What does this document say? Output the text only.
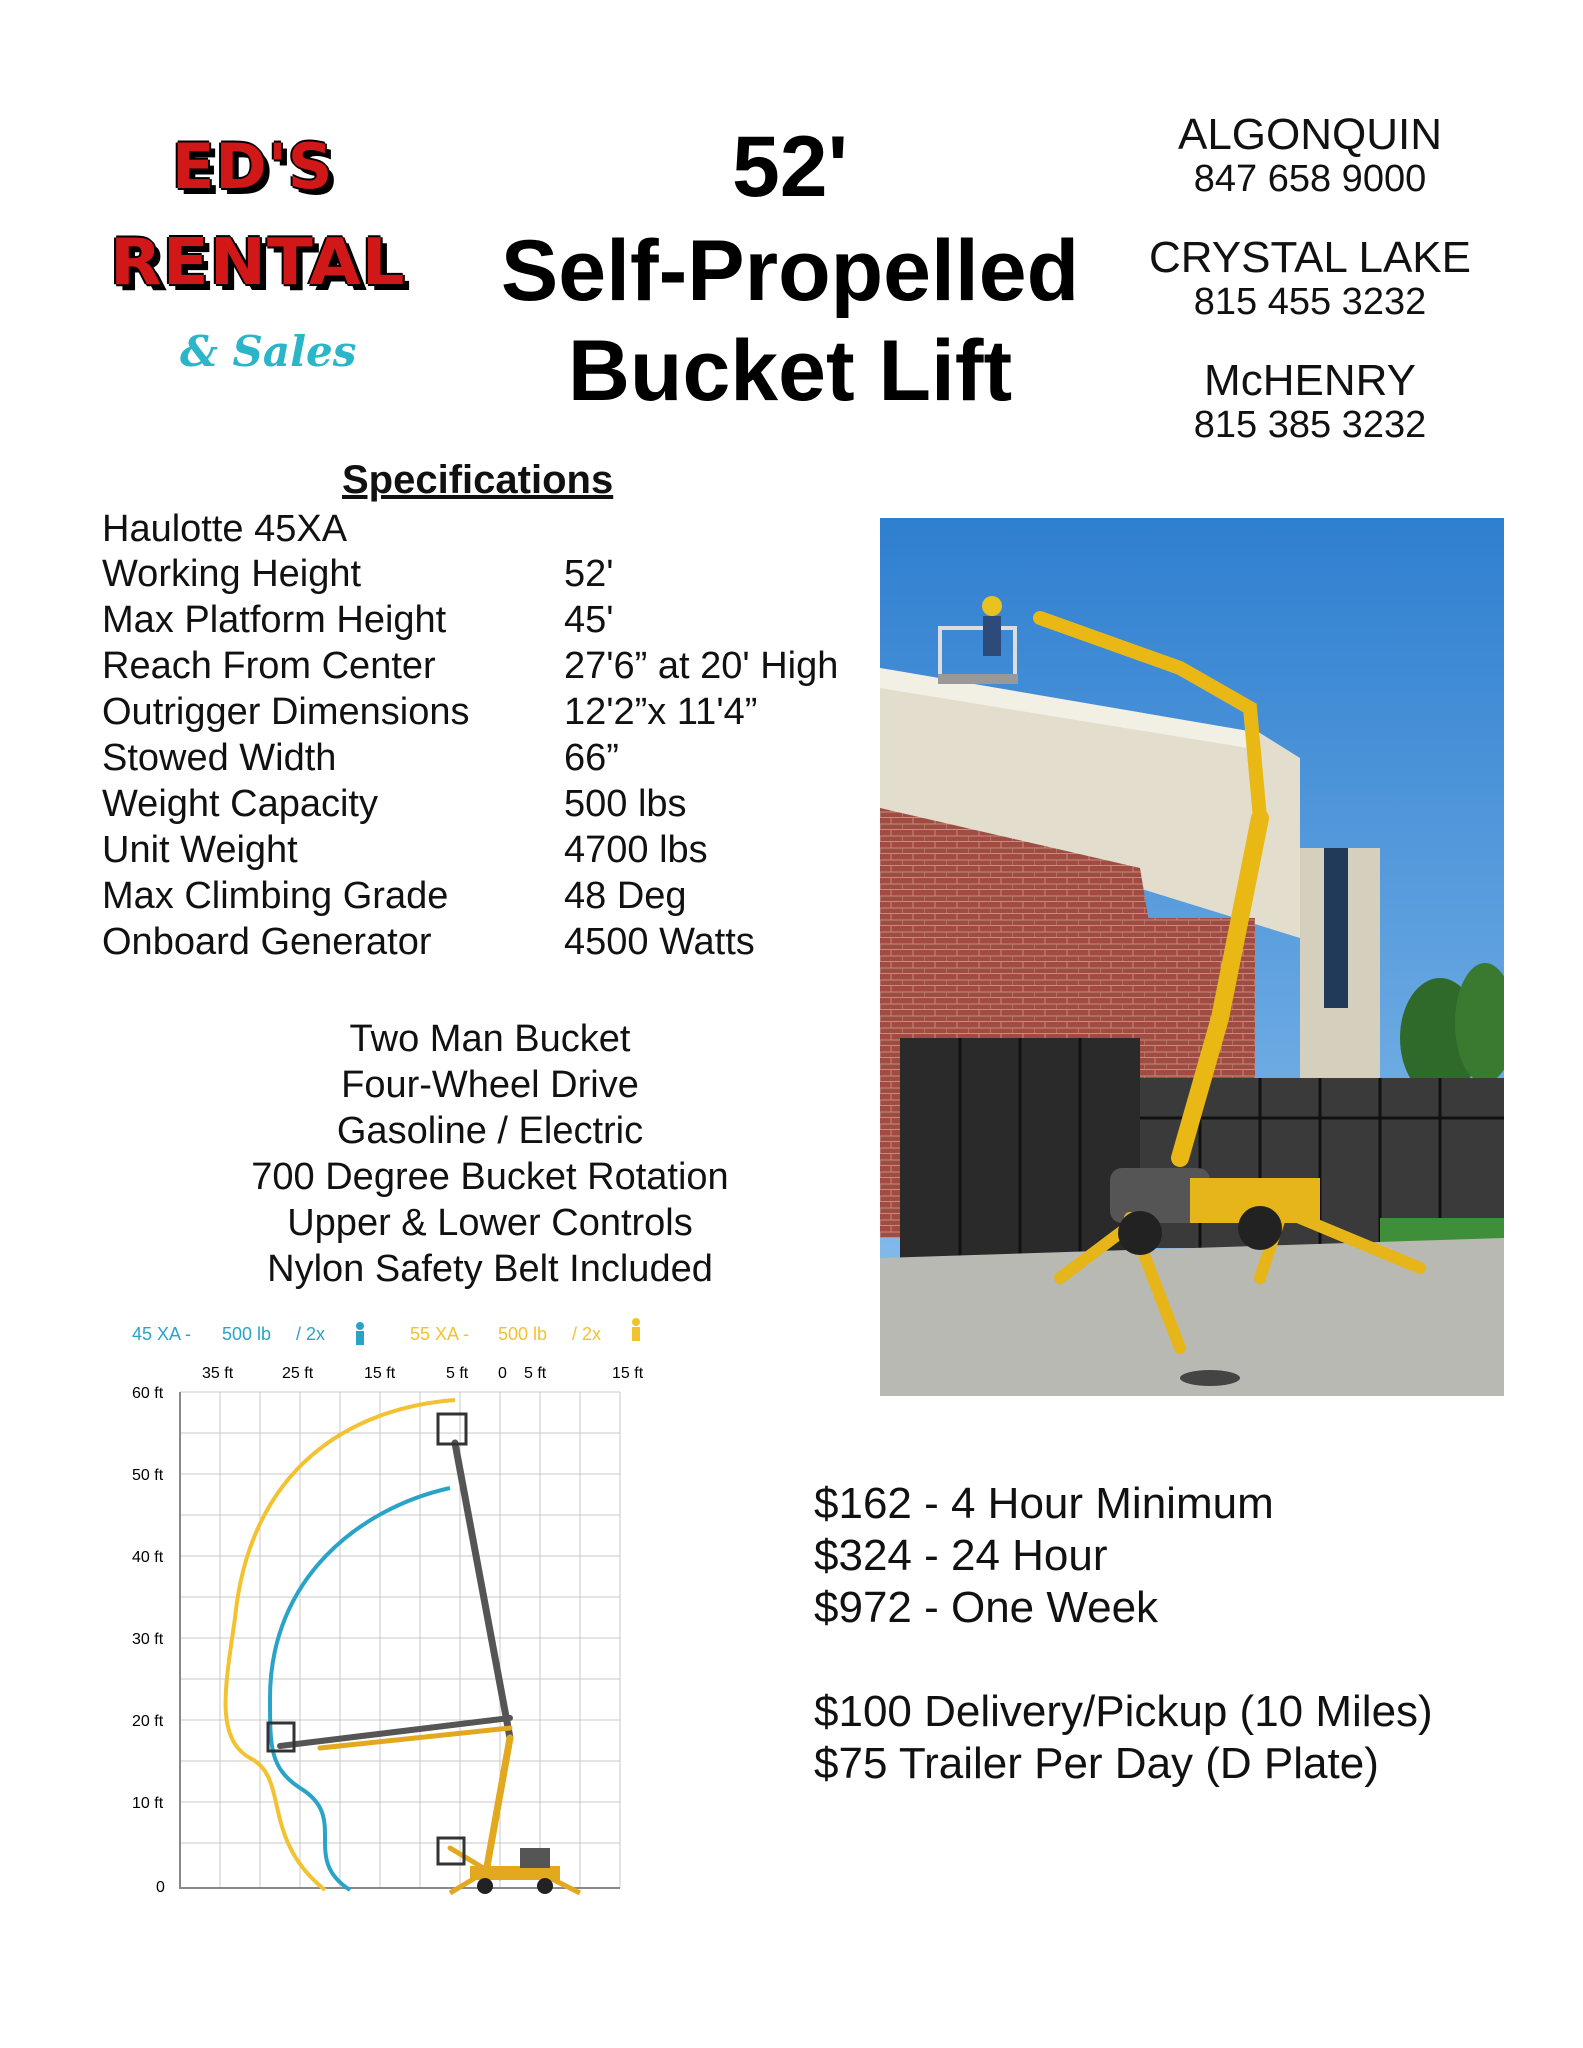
ED'S
RENTAL
& Sales
52'
Self-Propelled
Bucket Lift
ALGONQUIN
847 658 9000
CRYSTAL LAKE
815 455 3232
McHENRY
815 385 3232
Specifications
Haulotte 45XA
Working Height	52'
Max Platform Height	45'
Reach From Center	27'6” at 20' High
Outrigger Dimensions	12'2”x 11'4”
Stowed Width	66”
Weight Capacity	500 lbs
Unit Weight	4700 lbs
Max Climbing Grade	48 Deg
Onboard Generator	4500 Watts
Two Man Bucket
Four-Wheel Drive
Gasoline / Electric
700 Degree Bucket Rotation
Upper & Lower Controls
Nylon Safety Belt Included
45 XA - 500 lb / 2x	55 XA - 500 lb / 2x
35 ft	25 ft	15 ft	5 ft 0 5 ft	15 ft
60 ft
50 ft
40 ft
30 ft
20 ft
10 ft
0
$162 - 4 Hour Minimum
$324 - 24 Hour
$972 - One Week
$100 Delivery/Pickup (10 Miles)
$75 Trailer Per Day (D Plate)
